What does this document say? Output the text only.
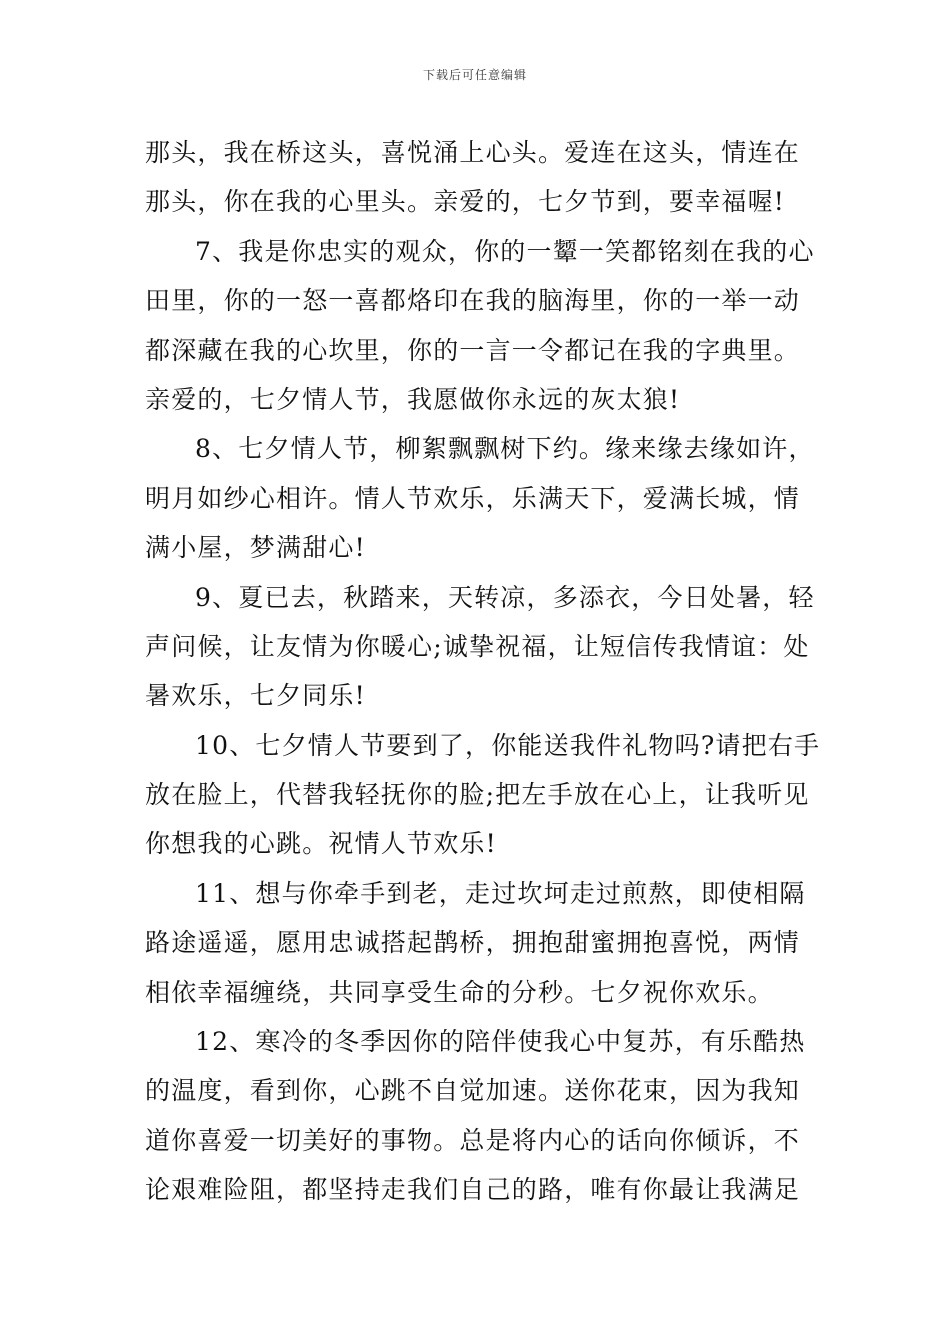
下载后可任意编辑
那头，我在桥这头，喜悦涌上心头。爱连在这头，情连在
那头，你在我的心里头。亲爱的，七夕节到，要幸福喔!
7、我是你忠实的观众，你的一颦一笑都铭刻在我的心
田里，你的一怒一喜都烙印在我的脑海里，你的一举一动
都深藏在我的心坎里，你的一言一令都记在我的字典里。
亲爱的，七夕情人节，我愿做你永远的灰太狼!
8、七夕情人节，柳絮飘飘树下约。缘来缘去缘如许，
明月如纱心相许。情人节欢乐，乐满天下，爱满长城，情
满小屋，梦满甜心!
9、夏已去，秋踏来，天转凉，多添衣，今日处暑，轻
声问候，让友情为你暖心;诚挚祝福，让短信传我情谊：处
暑欢乐，七夕同乐!
10、七夕情人节要到了，你能送我件礼物吗?请把右手
放在脸上，代替我轻抚你的脸;把左手放在心上，让我听见
你想我的心跳。祝情人节欢乐!
11、想与你牵手到老，走过坎坷走过煎熬，即使相隔
路途遥遥，愿用忠诚搭起鹊桥，拥抱甜蜜拥抱喜悦，两情
相依幸福缠绕，共同享受生命的分秒。七夕祝你欢乐。
12、寒冷的冬季因你的陪伴使我心中复苏，有乐酷热
的温度，看到你，心跳不自觉加速。送你花束，因为我知
道你喜爱一切美好的事物。总是将内心的话向你倾诉，不
论艰难险阻，都坚持走我们自己的路，唯有你最让我满足
